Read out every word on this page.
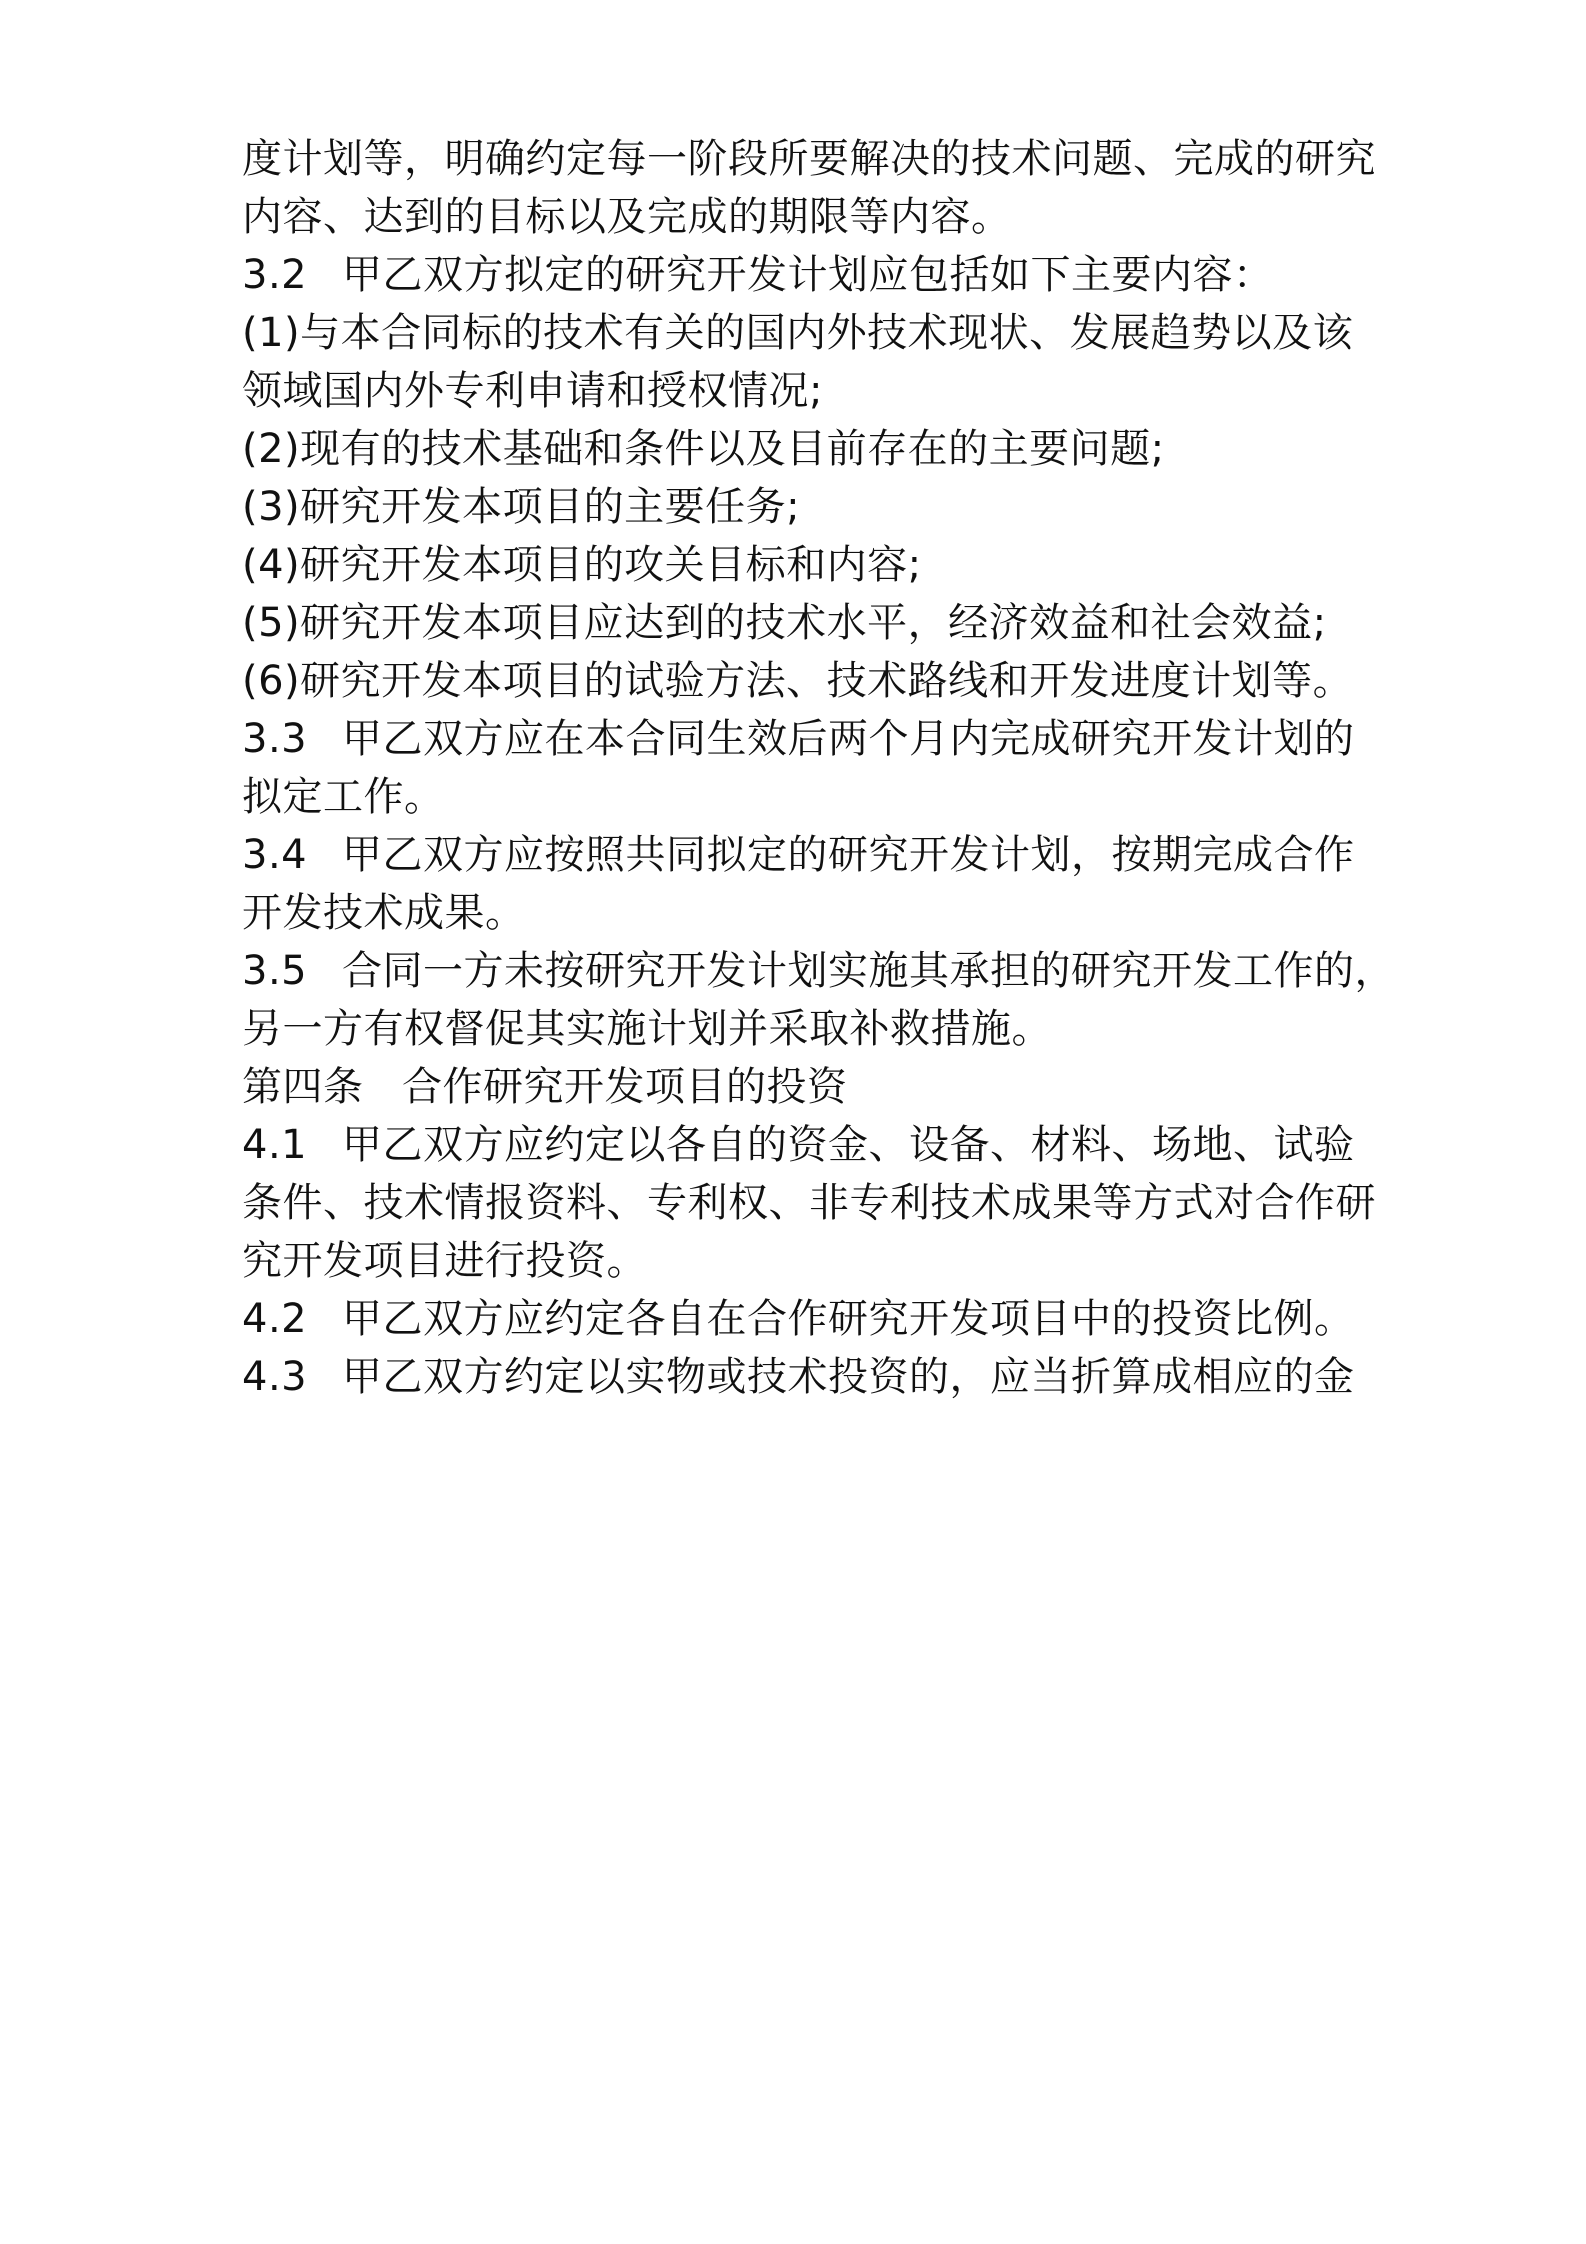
度计划等，明确约定每一阶段所要解决的技术问题、完成的研究
内容、达到的目标以及完成的期限等内容。
3.2 甲乙双方拟定的研究开发计划应包括如下主要内容：
(1)与本合同标的技术有关的国内外技术现状、发展趋势以及该
领域国内外专利申请和授权情况;
(2)现有的技术基础和条件以及目前存在的主要问题;
(3)研究开发本项目的主要任务;
(4)研究开发本项目的攻关目标和内容;
(5)研究开发本项目应达到的技术水平，经济效益和社会效益;
(6)研究开发本项目的试验方法、技术路线和开发进度计划等。
3.3 甲乙双方应在本合同生效后两个月内完成研究开发计划的
拟定工作。
3.4 甲乙双方应按照共同拟定的研究开发计划，按期完成合作
开发技术成果。
3.5 合同一方未按研究开发计划实施其承担的研究开发工作的，
另一方有权督促其实施计划并采取补救措施。
第四条 合作研究开发项目的投资
4.1 甲乙双方应约定以各自的资金、设备、材料、场地、试验
条件、技术情报资料、专利权、非专利技术成果等方式对合作研
究开发项目进行投资。
4.2 甲乙双方应约定各自在合作研究开发项目中的投资比例。
4.3 甲乙双方约定以实物或技术投资的，应当折算成相应的金
